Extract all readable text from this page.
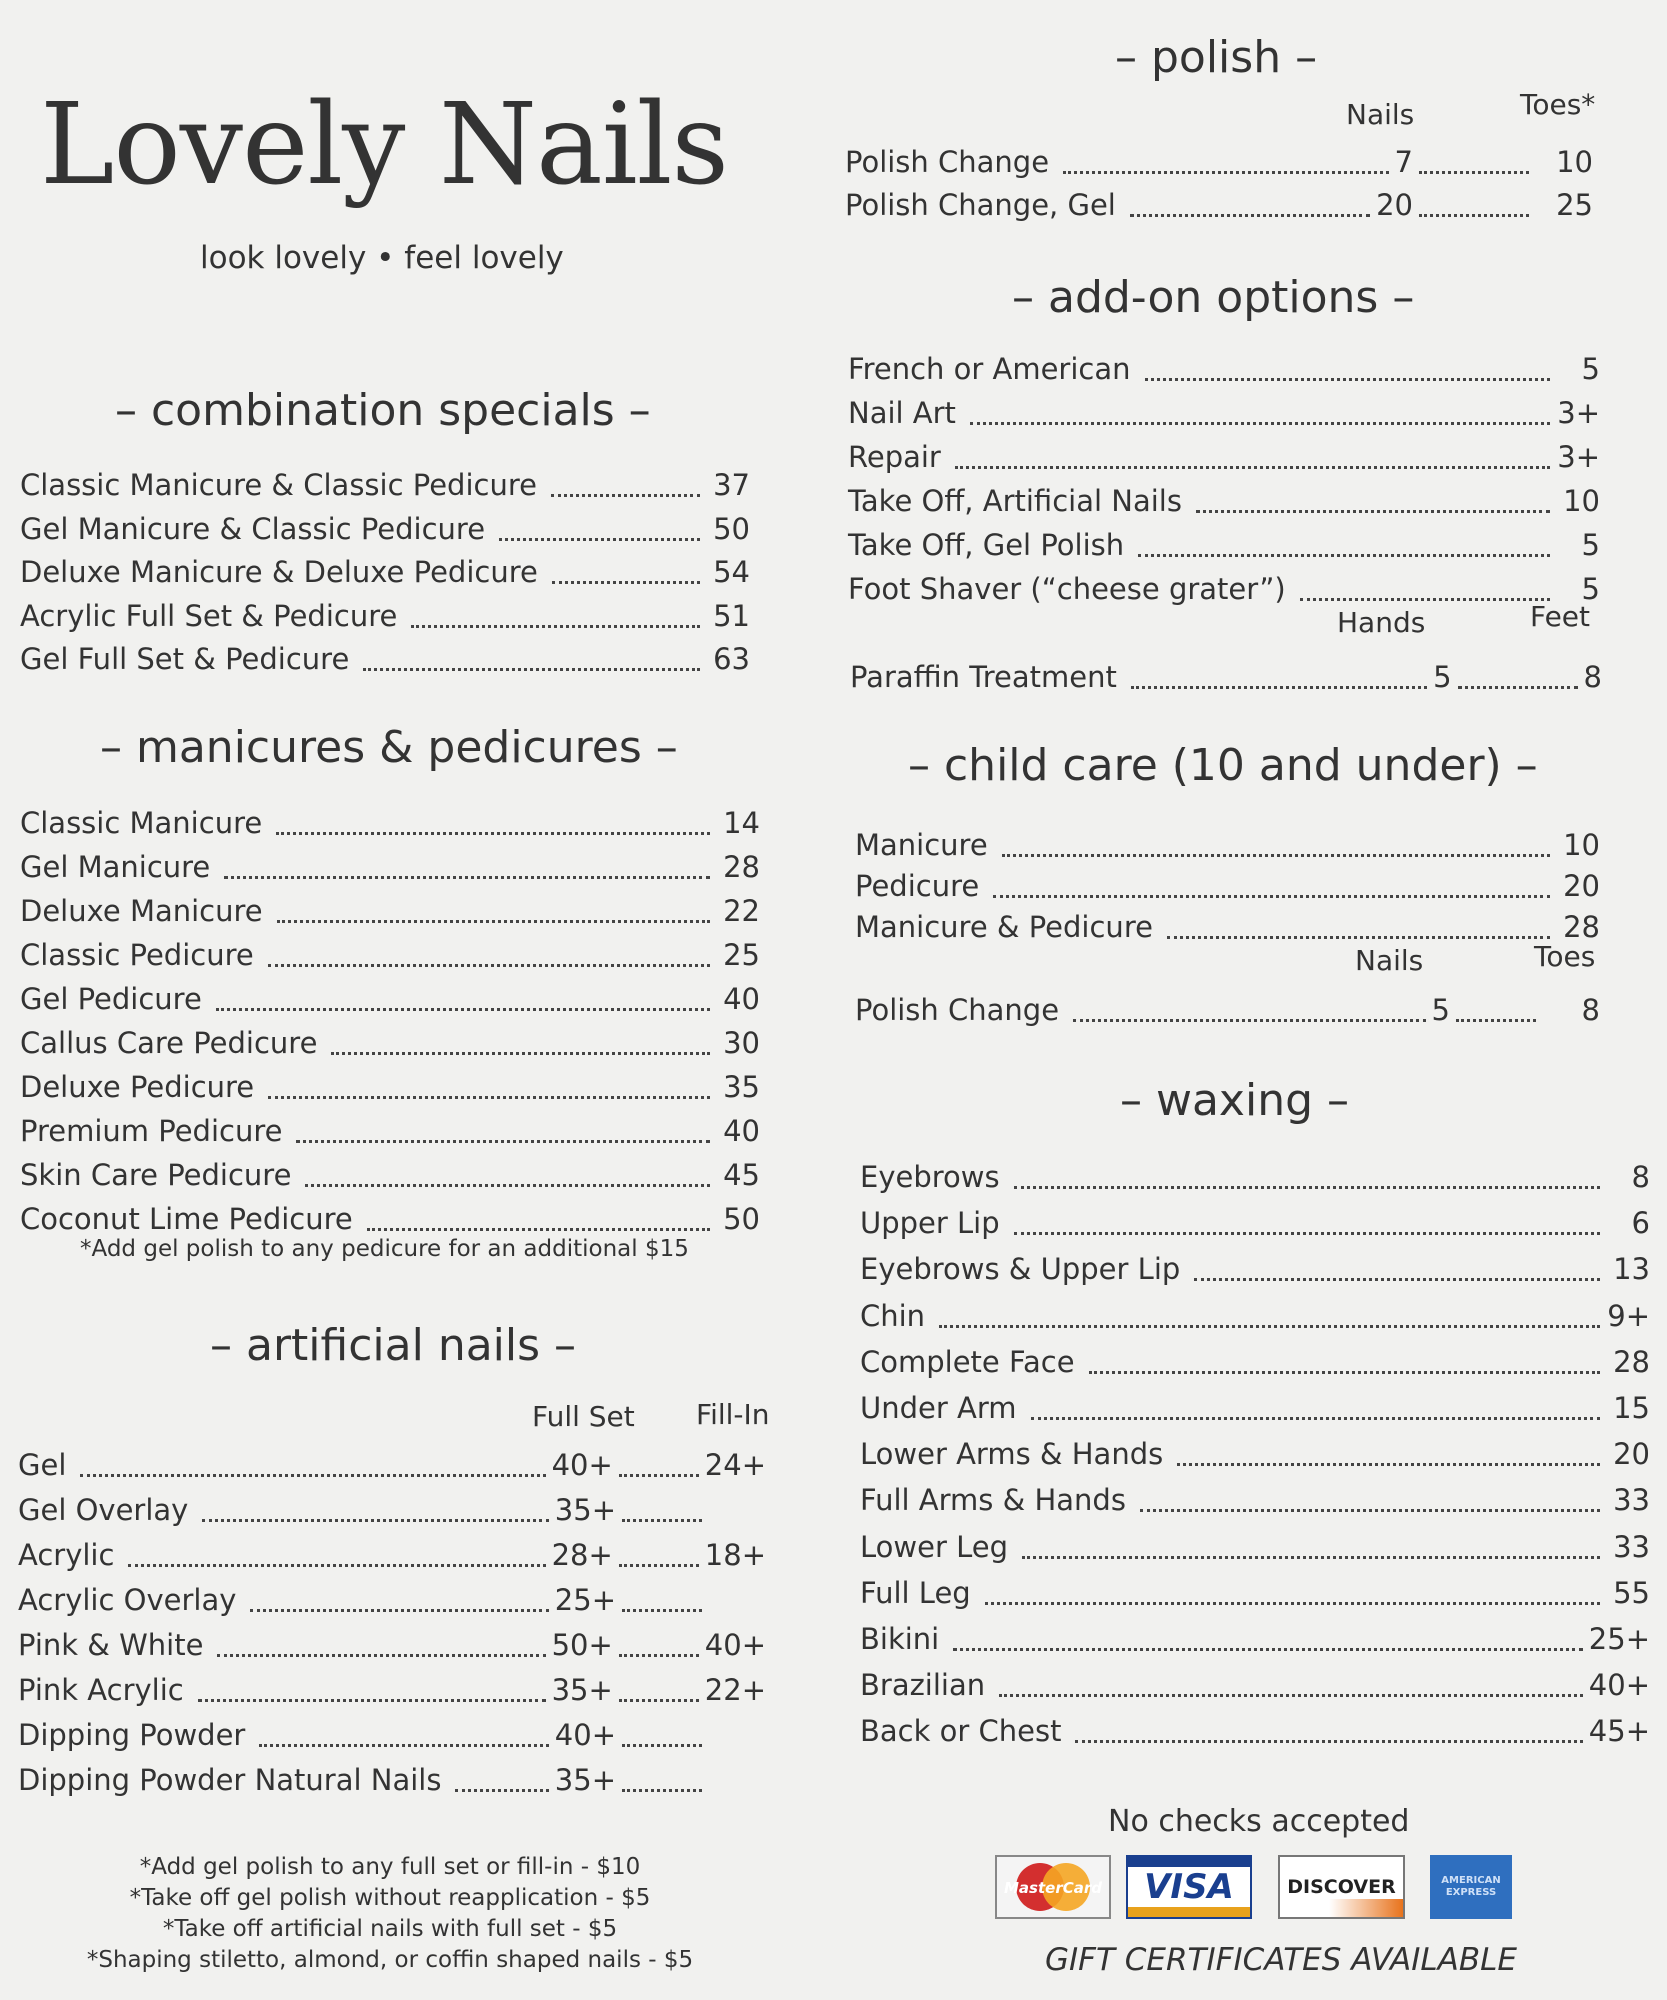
Lovely Nails
look lovely • feel lovely
– combination specials –
Classic Manicure & Classic Pedicure	37
Gel Manicure & Classic Pedicure	50
Deluxe Manicure & Deluxe Pedicure	54
Acrylic Full Set & Pedicure	51
Gel Full Set & Pedicure	63
– manicures & pedicures –
Classic Manicure	14
Gel Manicure	28
Deluxe Manicure	22
Classic Pedicure	25
Gel Pedicure	40
Callus Care Pedicure	30
Deluxe Pedicure	35
Premium Pedicure	40
Skin Care Pedicure	45
Coconut Lime Pedicure	50
*Add gel polish to any pedicure for an additional $15
– artificial nails –
Full Set Fill-In
Gel	40+	24+
Gel Overlay	35+
Acrylic	28+	18+
Acrylic Overlay	25+
Pink & White	50+	40+
Pink Acrylic	35+	22+
Dipping Powder	40+
Dipping Powder Natural Nails	35+
*Add gel polish to any full set or fill-in - $10
*Take off gel polish without reapplication - $5
*Take off artificial nails with full set - $5
*Shaping stiletto, almond, or coffin shaped nails - $5
– polish –
Nails	Toes*
Polish Change	7	10
Polish Change, Gel	20	25
– add-on options –
French or American	5
Nail Art	3+
Repair	3+
Take Off, Artificial Nails	10
Take Off, Gel Polish	5
Foot Shaver (“cheese grater”)	5
Hands	Feet
Paraffin Treatment	5	8
– child care (10 and under) –
Manicure	10
Pedicure	20
Manicure & Pedicure	28
Nails	Toes
Polish Change	5	8
– waxing –
Eyebrows	8
Upper Lip	6
Eyebrows & Upper Lip	13
Chin	9+
Complete Face	28
Under Arm	15
Lower Arms & Hands	20
Full Arms & Hands	33
Lower Leg	33
Full Leg	55
Bikini	25+
Brazilian	40+
Back or Chest	45+
No checks accepted
MasterCard VISA	DISCOVER	AMERICAN EXPRESS
GIFT CERTIFICATES AVAILABLE
